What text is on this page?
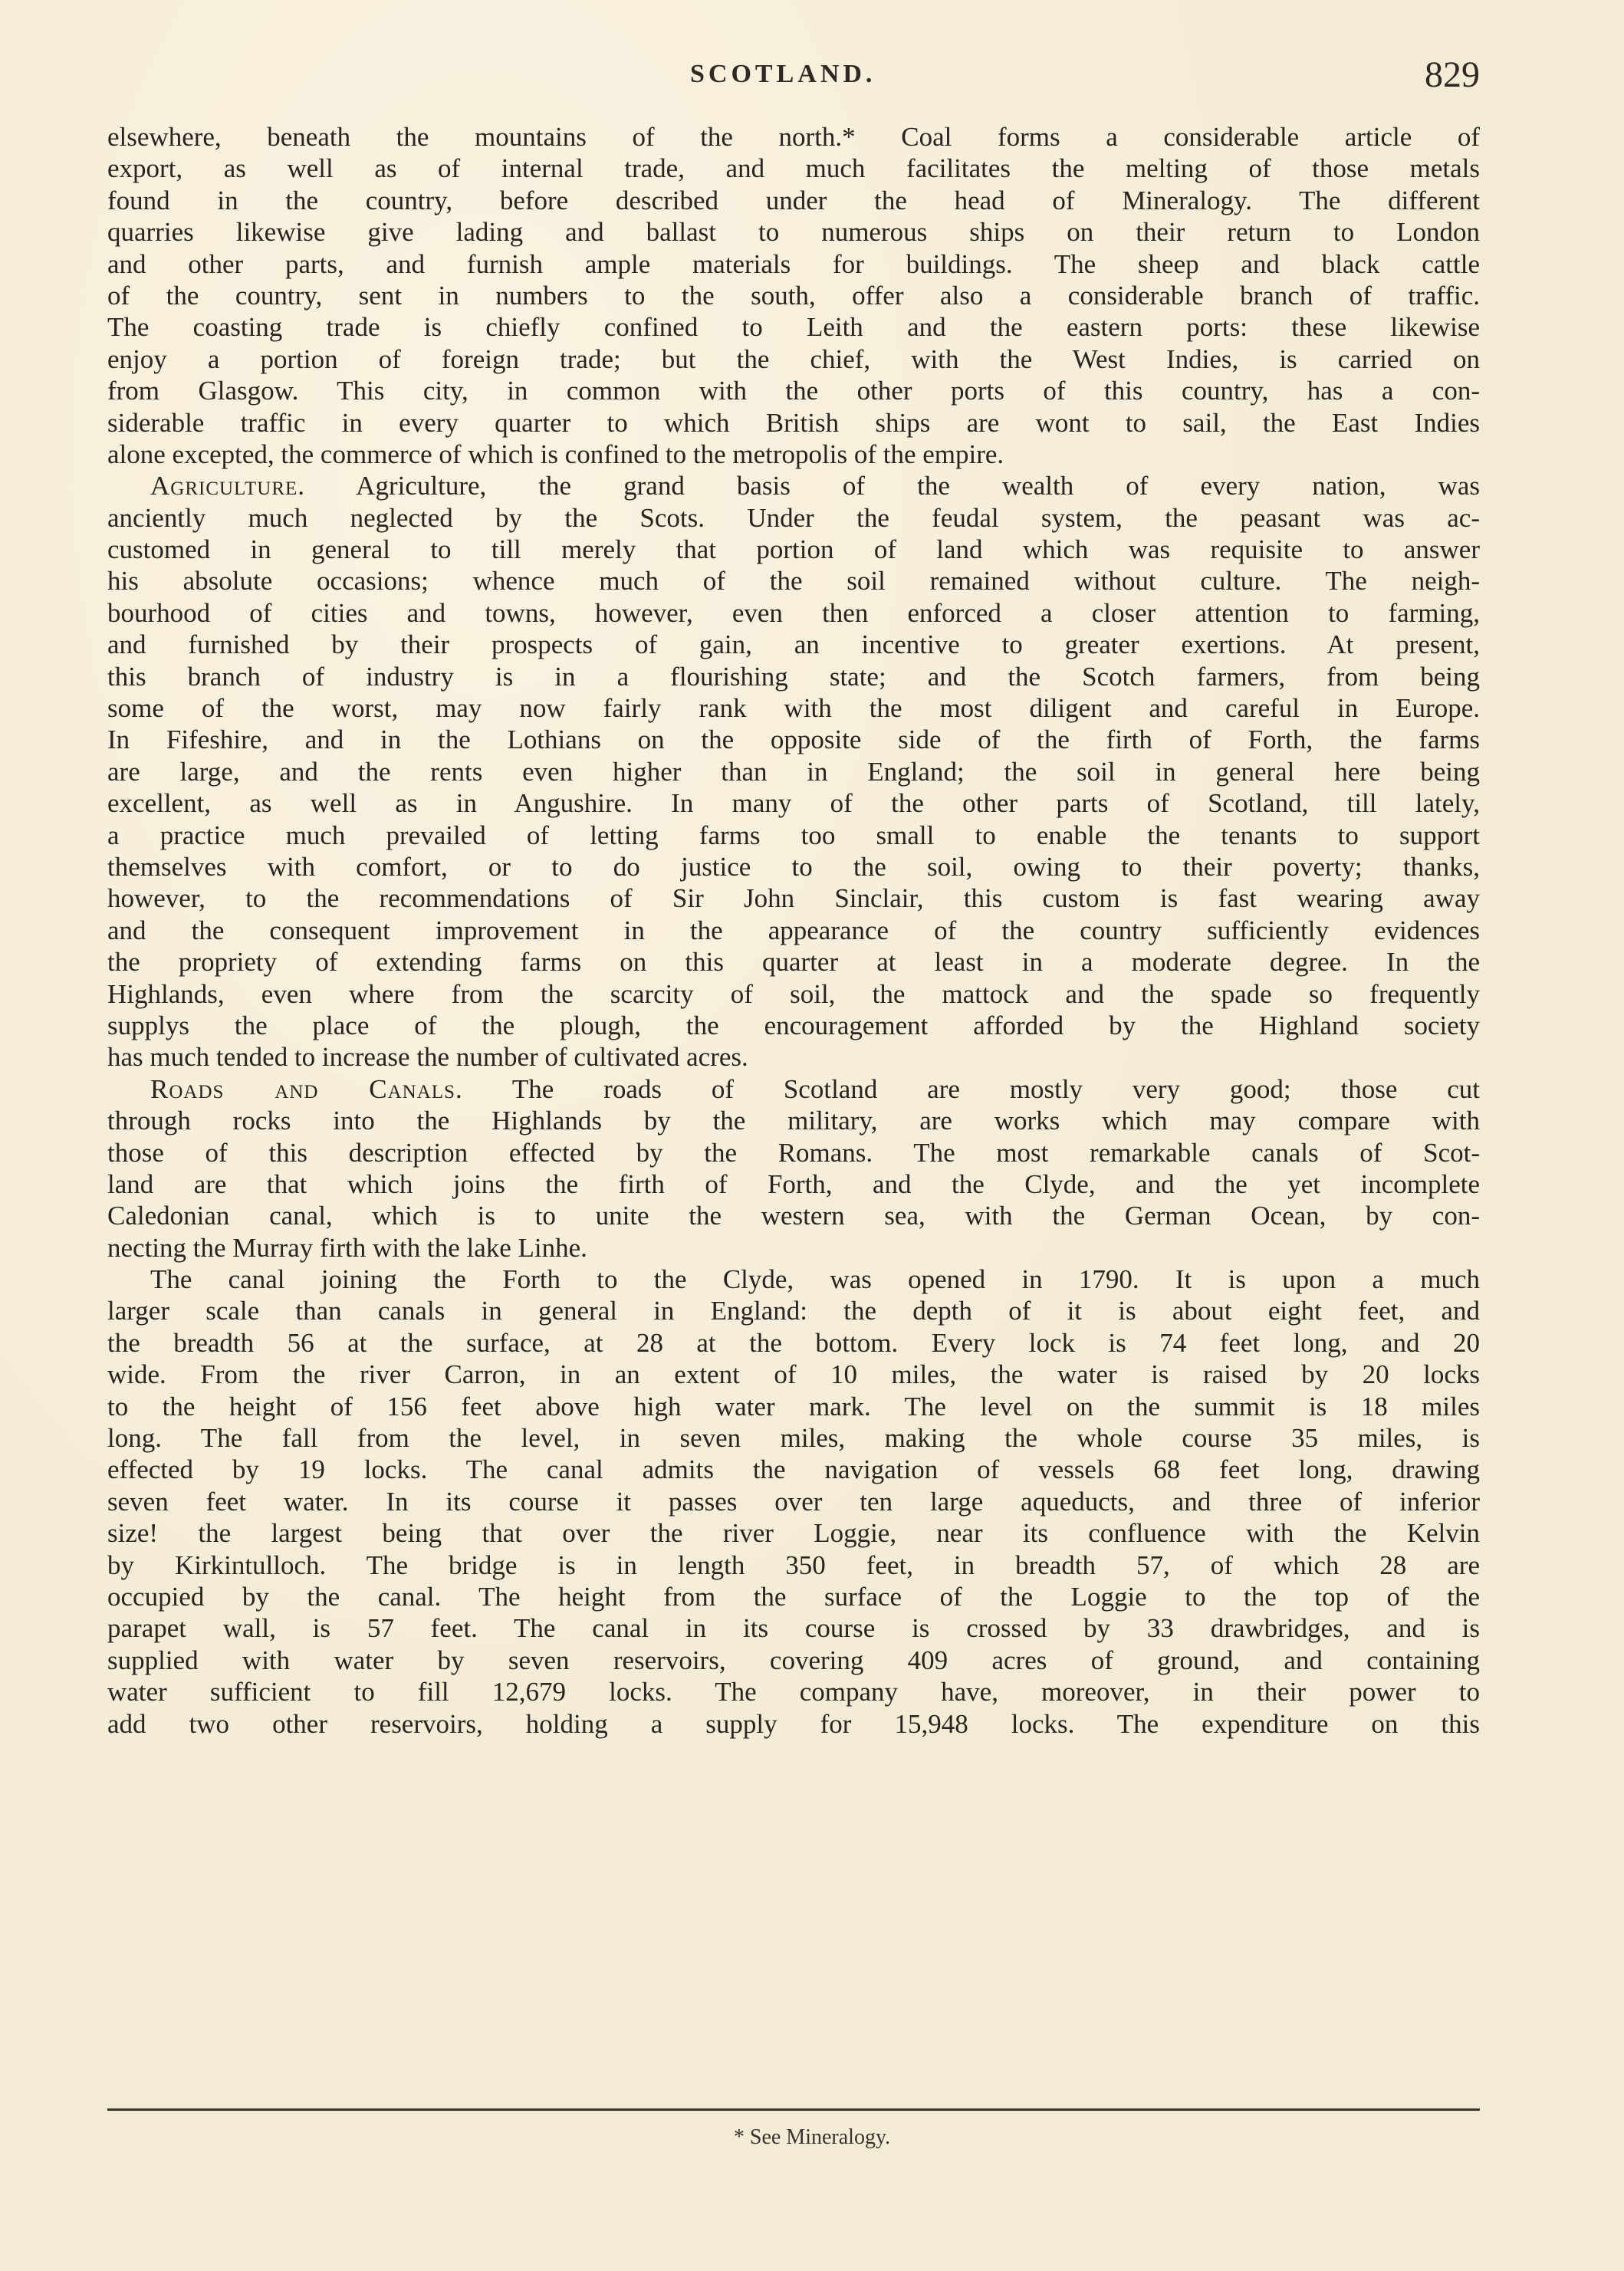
SCOTLAND.	829
elsewhere, beneath the mountains of the north.* Coal forms a considerable article of
export, as well as of internal trade, and much facilitates the melting of those metals
found in the country, before described under the head of Mineralogy. The different
quarries likewise give lading and ballast to numerous ships on their return to London
and other parts, and furnish ample materials for buildings. The sheep and black cattle
of the country, sent in numbers to the south, offer also a considerable branch of traffic.
The coasting trade is chiefly confined to Leith and the eastern ports: these likewise
enjoy a portion of foreign trade; but the chief, with the West Indies, is carried on
from Glasgow. This city, in common with the other ports of this country, has a con-
siderable traffic in every quarter to which British ships are wont to sail, the East Indies
alone excepted, the commerce of which is confined to the metropolis of the empire.
Agriculture. Agriculture, the grand basis of the wealth of every nation, was
anciently much neglected by the Scots. Under the feudal system, the peasant was ac-
customed in general to till merely that portion of land which was requisite to answer
his absolute occasions; whence much of the soil remained without culture. The neigh-
bourhood of cities and towns, however, even then enforced a closer attention to farming,
and furnished by their prospects of gain, an incentive to greater exertions. At present,
this branch of industry is in a flourishing state; and the Scotch farmers, from being
some of the worst, may now fairly rank with the most diligent and careful in Europe.
In Fifeshire, and in the Lothians on the opposite side of the firth of Forth, the farms
are large, and the rents even higher than in England; the soil in general here being
excellent, as well as in Angushire. In many of the other parts of Scotland, till lately,
a practice much prevailed of letting farms too small to enable the tenants to support
themselves with comfort, or to do justice to the soil, owing to their poverty; thanks,
however, to the recommendations of Sir John Sinclair, this custom is fast wearing away
and the consequent improvement in the appearance of the country sufficiently evidences
the propriety of extending farms on this quarter at least in a moderate degree. In the
Highlands, even where from the scarcity of soil, the mattock and the spade so frequently
supplys the place of the plough, the encouragement afforded by the Highland society
has much tended to increase the number of cultivated acres.
Roads and Canals. The roads of Scotland are mostly very good; those cut
through rocks into the Highlands by the military, are works which may compare with
those of this description effected by the Romans. The most remarkable canals of Scot-
land are that which joins the firth of Forth, and the Clyde, and the yet incomplete
Caledonian canal, which is to unite the western sea, with the German Ocean, by con-
necting the Murray firth with the lake Linhe.
The canal joining the Forth to the Clyde, was opened in 1790. It is upon a much
larger scale than canals in general in England: the depth of it is about eight feet, and
the breadth 56 at the surface, at 28 at the bottom. Every lock is 74 feet long, and 20
wide. From the river Carron, in an extent of 10 miles, the water is raised by 20 locks
to the height of 156 feet above high water mark. The level on the summit is 18 miles
long. The fall from the level, in seven miles, making the whole course 35 miles, is
effected by 19 locks. The canal admits the navigation of vessels 68 feet long, drawing
seven feet water. In its course it passes over ten large aqueducts, and three of inferior
size! the largest being that over the river Loggie, near its confluence with the Kelvin
by Kirkintulloch. The bridge is in length 350 feet, in breadth 57, of which 28 are
occupied by the canal. The height from the surface of the Loggie to the top of the
parapet wall, is 57 feet. The canal in its course is crossed by 33 drawbridges, and is
supplied with water by seven reservoirs, covering 409 acres of ground, and containing
water sufficient to fill 12,679 locks. The company have, moreover, in their power to
add two other reservoirs, holding a supply for 15,948 locks. The expenditure on this
* See Mineralogy.
